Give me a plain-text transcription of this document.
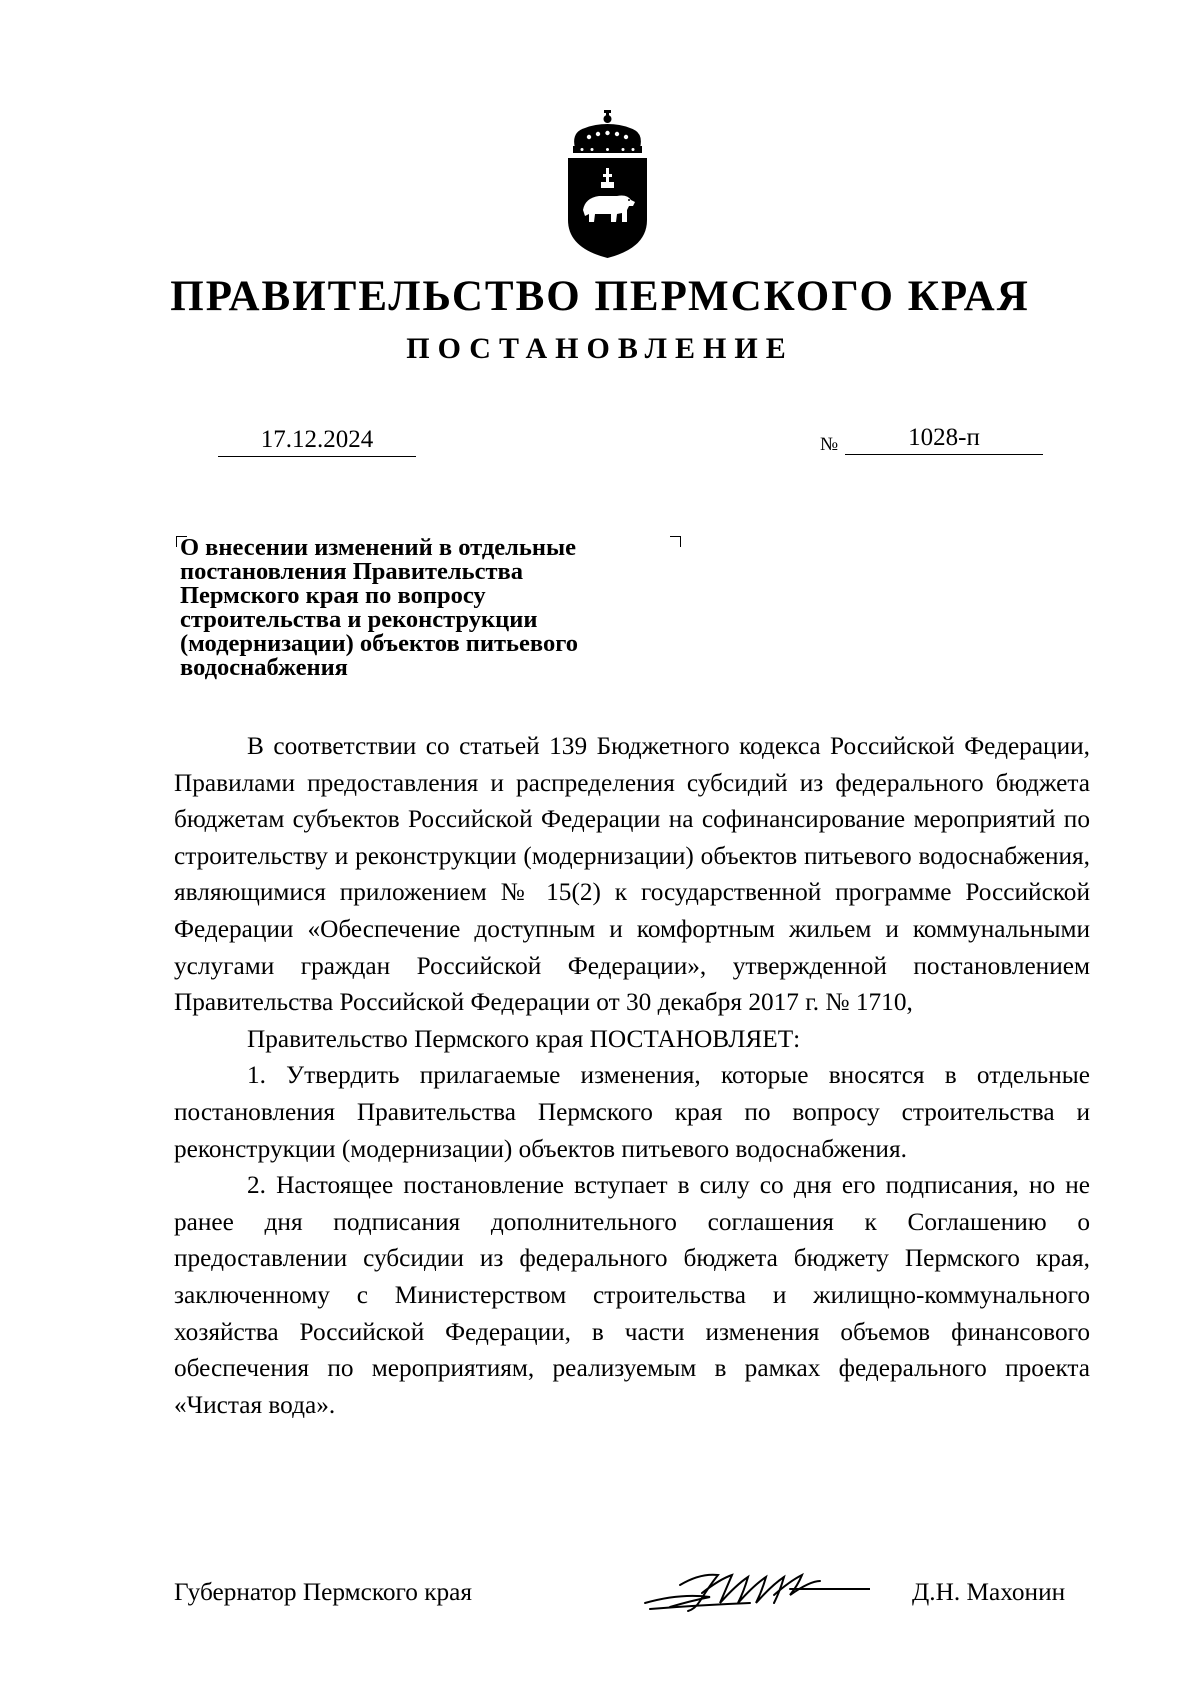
ПРАВИТЕЛЬСТВО ПЕРМСКОГО КРАЯ
ПОСТАНОВЛЕНИЕ
17.12.2024	№	1028-п
О внесении изменений в отдельные
постановления Правительства
Пермского края по вопросу
строительства и реконструкции
(модернизации) объектов питьевого
водоснабжения

В соответствии со статьей 139 Бюджетного кодекса Российской Федерации, Правилами предоставления и распределения субсидий из федерального бюджета бюджетам субъектов Российской Федерации на софинансирование мероприятий по строительству и реконструкции (модернизации) объектов питьевого водоснабжения, являющимися приложением № 15(2) к государственной программе Российской Федерации «Обеспечение доступным и комфортным жильем и коммунальными услугами граждан Российской Федерации», утвержденной постановлением Правительства Российской Федерации от 30 декабря 2017 г. № 1710,

Правительство Пермского края ПОСТАНОВЛЯЕТ:

1. Утвердить прилагаемые изменения, которые вносятся в отдельные постановления Правительства Пермского края по вопросу строительства и реконструкции (модернизации) объектов питьевого водоснабжения.

2. Настоящее постановление вступает в силу со дня его подписания, но не ранее дня подписания дополнительного соглашения к Соглашению о предоставлении субсидии из федерального бюджета бюджету Пермского края, заключенному с Министерством строительства и жилищно-коммунального хозяйства Российской Федерации, в части изменения объемов финансового обеспечения по мероприятиям, реализуемым в рамках федерального проекта «Чистая вода».

Губернатор Пермского края	Д.Н. Махонин
